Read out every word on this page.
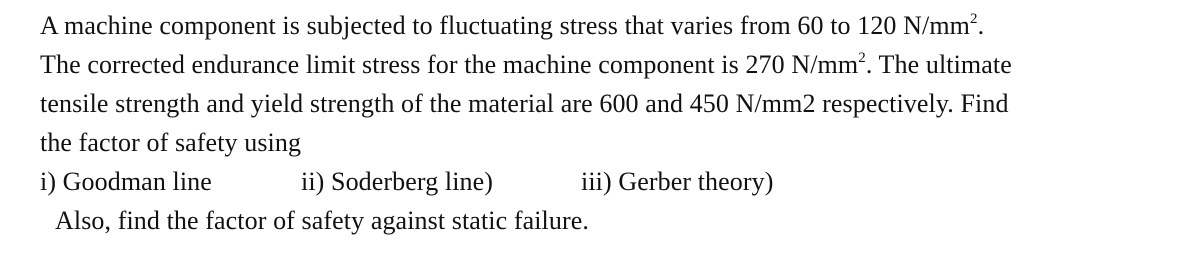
A machine component is subjected to fluctuating stress that varies from 60 to 120 $N/mm^2$.
The corrected endurance limit stress for the machine component is 270 $N/mm^2$. The ultimate
tensile strength and yield strength of the material are 600 and 450 N/mm2 respectively. Find
the factor of safety using
i) Goodman line	ii) Soderberg line)	iii) Gerber theory)
Also, find the factor of safety against static failure.
